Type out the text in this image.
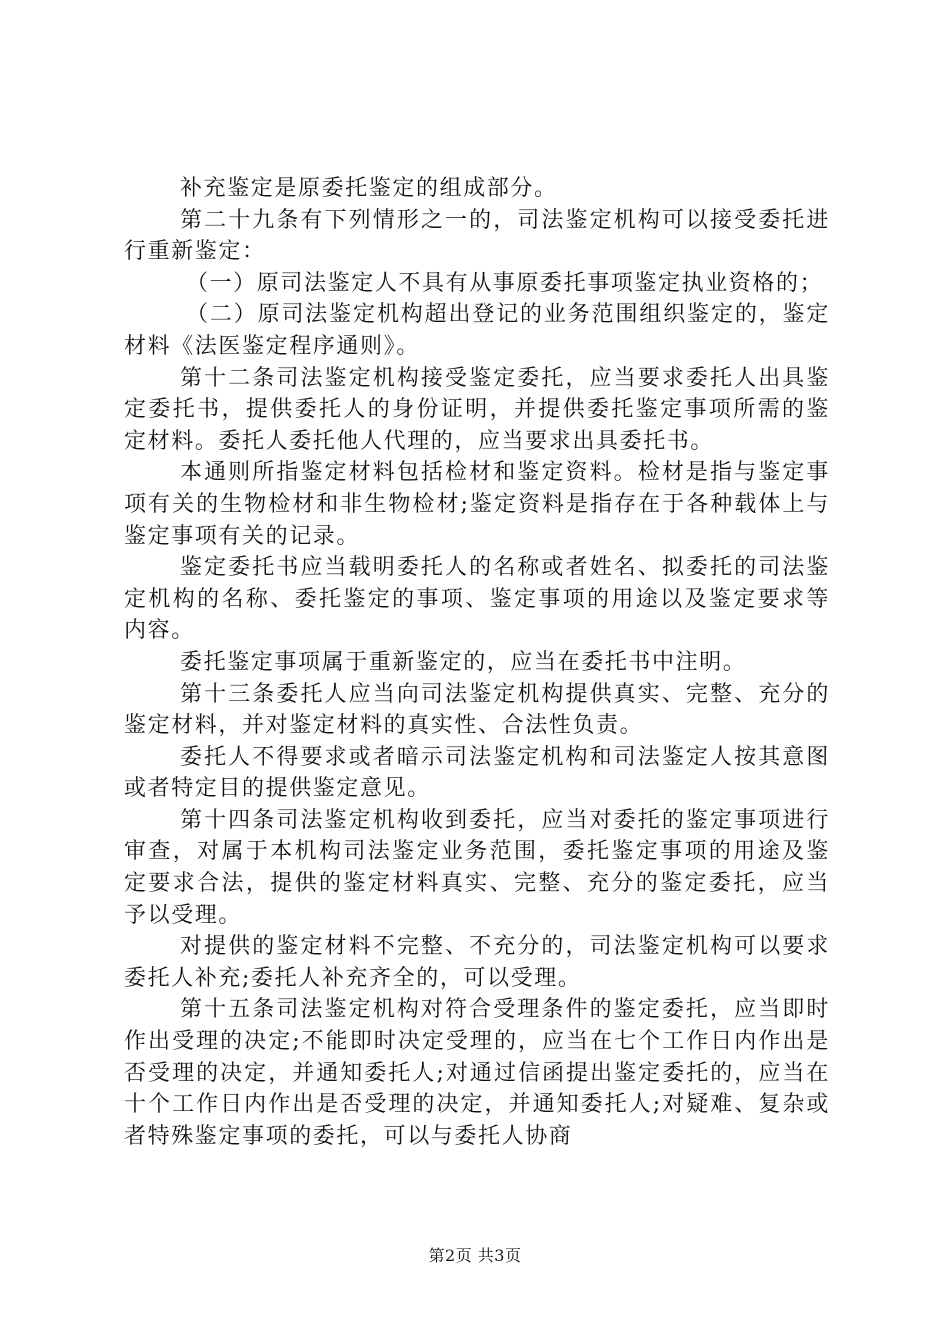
补充鉴定是原委托鉴定的组成部分。

第二十九条有下列情形之一的，司法鉴定机构可以接受委托进行重新鉴定：

（一）原司法鉴定人不具有从事原委托事项鉴定执业资格的；

（二）原司法鉴定机构超出登记的业务范围组织鉴定的，鉴定材料《法医鉴定程序通则》。

第十二条司法鉴定机构接受鉴定委托，应当要求委托人出具鉴定委托书，提供委托人的身份证明，并提供委托鉴定事项所需的鉴定材料。委托人委托他人代理的，应当要求出具委托书。

本通则所指鉴定材料包括检材和鉴定资料。检材是指与鉴定事项有关的生物检材和非生物检材;鉴定资料是指存在于各种载体上与鉴定事项有关的记录。

鉴定委托书应当载明委托人的名称或者姓名、拟委托的司法鉴定机构的名称、委托鉴定的事项、鉴定事项的用途以及鉴定要求等内容。

委托鉴定事项属于重新鉴定的，应当在委托书中注明。

第十三条委托人应当向司法鉴定机构提供真实、完整、充分的鉴定材料，并对鉴定材料的真实性、合法性负责。

委托人不得要求或者暗示司法鉴定机构和司法鉴定人按其意图或者特定目的提供鉴定意见。

第十四条司法鉴定机构收到委托，应当对委托的鉴定事项进行审查，对属于本机构司法鉴定业务范围，委托鉴定事项的用途及鉴定要求合法，提供的鉴定材料真实、完整、充分的鉴定委托，应当予以受理。

对提供的鉴定材料不完整、不充分的，司法鉴定机构可以要求委托人补充;委托人补充齐全的，可以受理。

第十五条司法鉴定机构对符合受理条件的鉴定委托，应当即时作出受理的决定;不能即时决定受理的，应当在七个工作日内作出是否受理的决定，并通知委托人;对通过信函提出鉴定委托的，应当在十个工作日内作出是否受理的决定，并通知委托人;对疑难、复杂或者特殊鉴定事项的委托，可以与委托人协商

第2页 共3页
